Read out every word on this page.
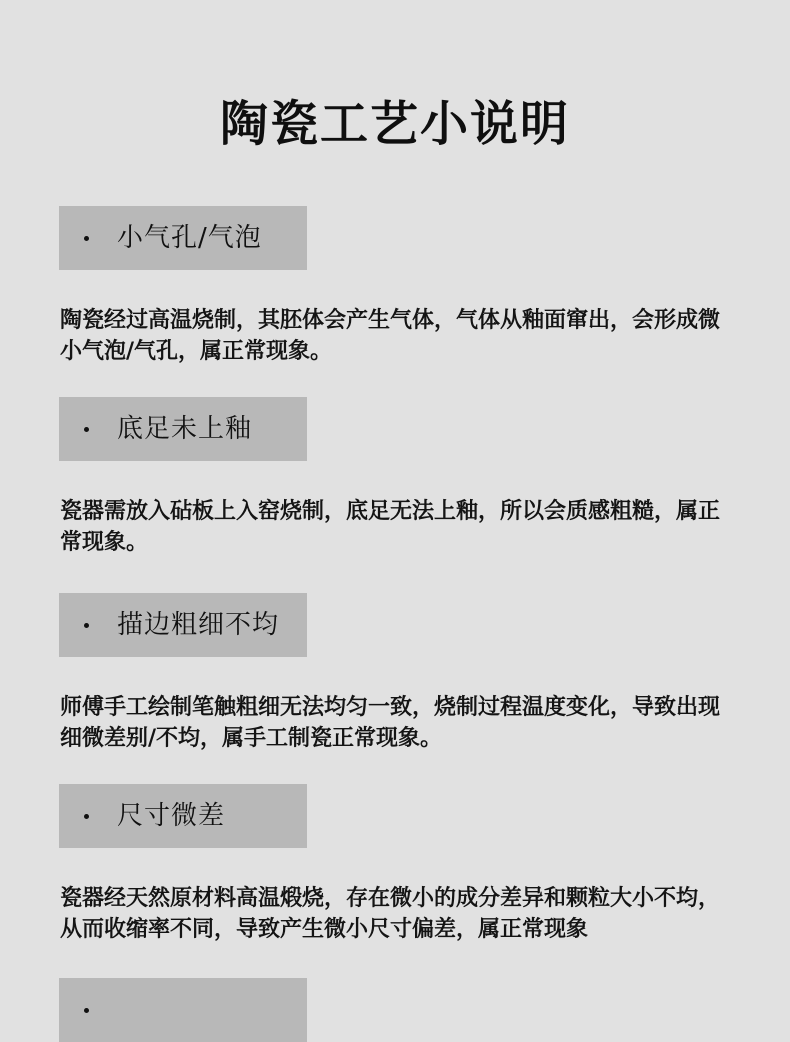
陶瓷工艺小说明
小气孔/气泡
陶瓷经过高温烧制，其胚体会产生气体，气体从釉面窜出，会形成微小气泡/气孔，属正常现象。
底足未上釉
瓷器需放入砧板上入窑烧制，底足无法上釉，所以会质感粗糙，属正常现象。
描边粗细不均
师傅手工绘制笔触粗细无法均匀一致，烧制过程温度变化，导致出现细微差别/不均，属手工制瓷正常现象。
尺寸微差
瓷器经天然原材料高温煅烧，存在微小的成分差异和颗粒大小不均，从而收缩率不同，导致产生微小尺寸偏差，属正常现象
